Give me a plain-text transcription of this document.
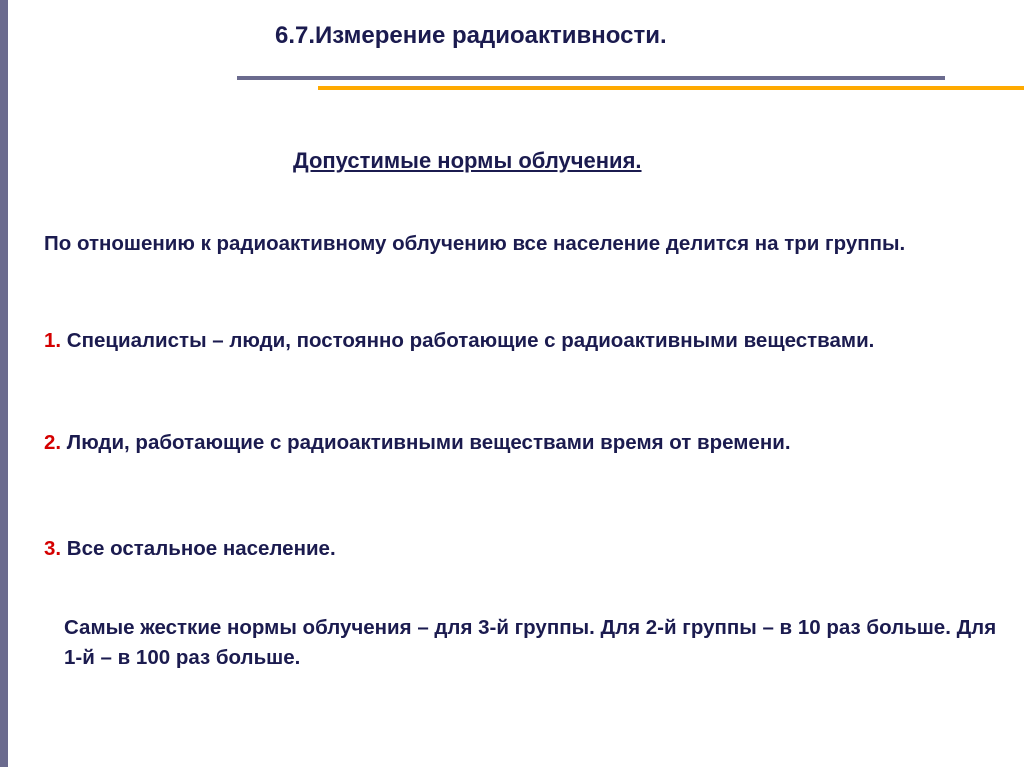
6.7.Измерение радиоактивности.
Допустимые нормы облучения.
По отношению к радиоактивному облучению все население делится на три группы.
1. Специалисты – люди, постоянно работающие с радиоактивными веществами.
2. Люди, работающие с радиоактивными веществами время от времени.
3. Все остальное население.
Самые жесткие нормы облучения – для 3-й группы. Для 2-й группы – в 10 раз больше. Для 1-й – в 100 раз больше.
